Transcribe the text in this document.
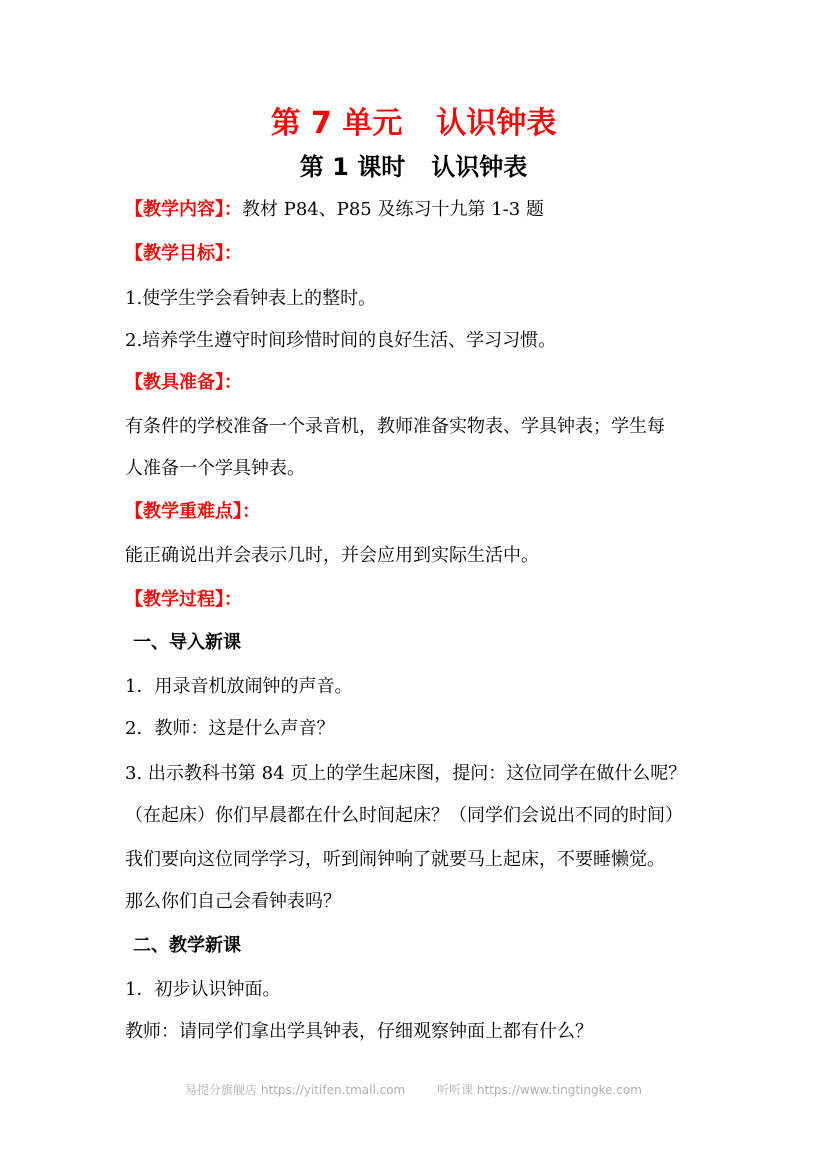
第 7 单元 认识钟表
第 1 课时 认识钟表
【教学内容】：教材 P84、P85 及练习十九第 1-3 题
【教学目标】：
1.使学生学会看钟表上的整时。
2.培养学生遵守时间珍惜时间的良好生活、学习习惯。
【教具准备】：
有条件的学校准备一个录音机，教师准备实物表、学具钟表；学生每
人准备一个学具钟表。
【教学重难点】：
能正确说出并会表示几时，并会应用到实际生活中。
【教学过程】：
一、导入新课
1．用录音机放闹钟的声音。
2．教师：这是什么声音？
3. 出示教科书第 84 页上的学生起床图，提问：这位同学在做什么呢？
（在起床）你们早晨都在什么时间起床？（同学们会说出不同的时间）
我们要向这位同学学习，听到闹钟响了就要马上起床，不要睡懒觉。
那么你们自己会看钟表吗？
二、教学新课
1．初步认识钟面。
教师：请同学们拿出学具钟表，仔细观察钟面上都有什么？
易提分旗舰店 https://yitifen.tmall.com	听听课 https://www.tingtingke.com
